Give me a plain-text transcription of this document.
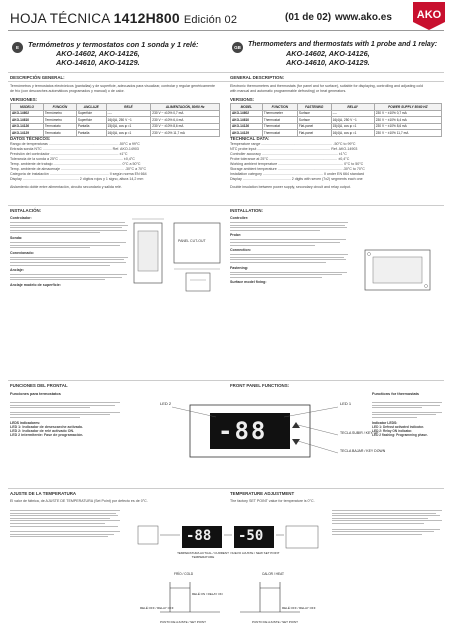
HOJA TÉCNICA 1412H800 Edición 02	(01 de 02) www.ako.es AKO
E	Termómetros y termostatos con 1 sonda y 1 relé:
AKO-14602, AKO-14126,
AKO-14610, AKO-14129.
GB	Thermometers and thermostats with 1 probe and 1 relay:
AKO-14602, AKO-14126,
AKO-14610, AKO-14129.
DESCRIPCIÓN GENERAL:	GENERAL DESCRIPTION:
Termómetros y termostatos electrónicos (pantallas) y de superficie, adecuados para visualizar, controlar y regular genéricamente
de frío (con descarches automáticos programados y manual) o de calor.
Electronic thermometers and thermostats (for panel and for surface), suitable for displaying, controlling and adjusting cold
with manual and automatic programmable defrosting) or heat generators.
VERSIONES:	VERSIONS:
MODELO	FUNCIÓN	ANCLAJE	RELÉ	ALIMENTACIÓN, 50/60 Hz
AKO-14602	Termómetro	Superficie	----	230 V ~ ±10% 0,7 mA
AKO-14610	Termómetro	Superficie	16(4)A, 250 V ~1	230 V ~ ±10% 6,4 mA
AKO-14126	Termostato	Pantalla	15(4)A, cos φ =1	230 V ~ ±10% 8,6 mA
AKO-14129	Termostato	Pantalla	16(4)A, cos φ =1	230 V ~ ±10% 11,7 mA
MODEL	FUNCTION	FASTENING	RELAY	POWER SUPPLY 50/60 HZ
AKO-14602	Thermometer	Surface	----	230 V ~ ±10% 0,7 mA
AKO-14610	Thermostat	Surface	16(4)A, 250 V ~1	230 V ~ ±10% 6,4 mA
AKO-14126	Thermostat	Flat-panel	15(4)A, cos φ =1	230 V ~ ±10% 8,6 mA
AKO-14129	Thermostat	Flat-panel	16(4)A, cos φ =1	230 V ~ ±10% 11,7 mA
DATOS TÉCNICOS:	TECHNICAL DATA:
Rango de temperaturas ..................................................................... -50°C a 99°C
Entrada sonda NTC ..................................................................... Ref. AKO-14903
Precisión del controlador .................................................................... ±1°C
Tolerancia de la sonda a 25°C ................................................................ ±0,4°C
Temp. ambiente de trabajo .................................................................... 0°C a 50°C
Temp. ambiente de almacenaje ............................................................... -30°C a 70°C
Categoría de instalación ........................................................... II según norma EN 664
Display ........................................................ 2 dígitos rojos y 1 signo, altura 14,2 mm
Aislamiento doble entre alimentación, circuito secundario y salida relé.
Temperature range ....................................................................... -50°C to 99°C
NTC probe input ......................................................................... Ref. AKO-14903
Controller accuracy ............................................................................ ±1°C
Probe tolerance at 25°C .................................................................... ±0,4°C
Working ambient temperature ................................................................. 0°C to 50°C
Storage ambient temperature ................................................................ -30°C to 70°C
Installation category ............................................................ II under EN 664 standard
Display ................................................ 2 digits with seven (7x2) segments each one
Double insulation between power supply, secondary circuit and relay output.
INSTALACIÓN:	INSTALLATION:
Controlador:
Sonda:
Conexionado:
Anclaje:
Anclaje modelo de superficie:
PANEL CUT-OUT
Controller:
Probe:
Connection:
Fastening:
Surface model fixing:
FUNCIONES DEL FRONTAL	FRONT PANEL FUNCTIONS:
Funciones para termostatos	Functions for thermostats
LEDS indicadores:
LED 1: Indicador de desescarche activado.
LED 2: Indicador de relé activado ON.
LED 2 intermitente: Fase de programación.	-88
LED 2	LED 1
TECLA SUBIR / KEY UP
TECLA BAJAR / KEY DOWN
Indicator LEDS:
LED 1: Defrost activated indicator.
LED 2: Relay ON indicator.
LED 2 flashing: Programming phase.
AJUSTE DE LA TEMPERATURA	TEMPERATURE ADJUSTMENT
El valor de fábrica, de AJUSTE DE TEMPERATURA (Set Point) por defecto es de 0°C.	The factory SET POINT value for temperature is 0°C.
-88 -50
TEMPERATURA ACTUAL / CURRENT TEMPERATURE
NUEVO AJUSTE / NEW SET POINT
FRÍO / COLD	CALOR / HEAT
RELÉ ON / RELAY ON
RELÉ OFF / RELAY OFF	RELÉ OFF / RELAY OFF
PUNTO DE AJUSTE / SET POINT	PUNTO DE AJUSTE / SET POINT
